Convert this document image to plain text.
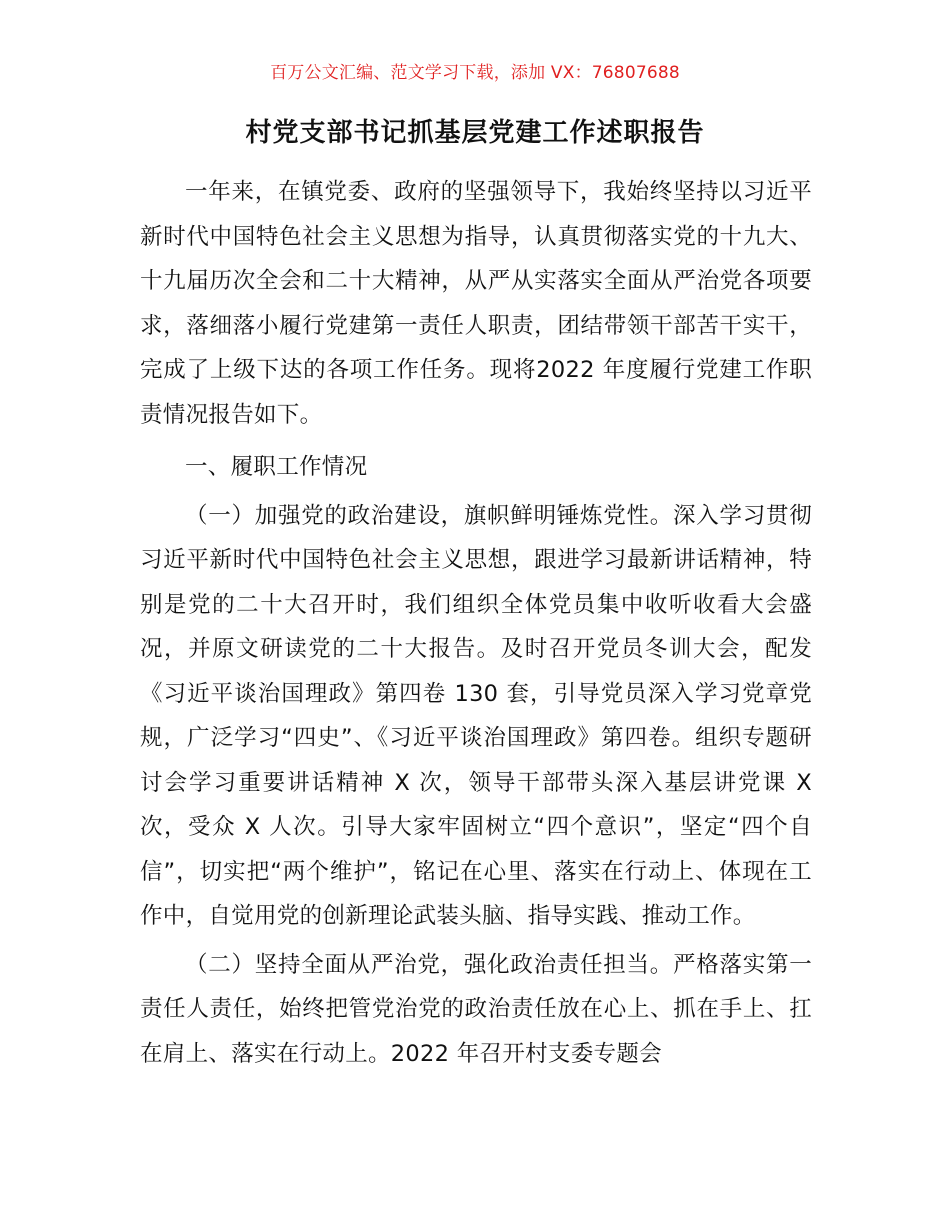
百万公文汇编、范文学习下载，添加 VX：76807688
村党支部书记抓基层党建工作述职报告

一年来，在镇党委、政府的坚强领导下，我始终坚持以习近平新时代中国特色社会主义思想为指导，认真贯彻落实党的十九大、十九届历次全会和二十大精神，从严从实落实全面从严治党各项要求，落细落小履行党建第一责任人职责，团结带领干部苦干实干，完成了上级下达的各项工作任务。现将2022 年度履行党建工作职责情况报告如下。

一、履职工作情况

（一）加强党的政治建设，旗帜鲜明锤炼党性。深入学习贯彻习近平新时代中国特色社会主义思想，跟进学习最新讲话精神，特别是党的二十大召开时，我们组织全体党员集中收听收看大会盛况，并原文研读党的二十大报告。及时召开党员冬训大会，配发《习近平谈治国理政》第四卷 130 套，引导党员深入学习党章党规，广泛学习“四史”、《习近平谈治国理政》第四卷。组织专题研讨会学习重要讲话精神 X 次，领导干部带头深入基层讲党课 X 次，受众 X 人次。引导大家牢固树立“四个意识”，坚定“四个自信”，切实把“两个维护”，铭记在心里、落实在行动上、体现在工作中，自觉用党的创新理论武装头脑、指导实践、推动工作。

（二）坚持全面从严治党，强化政治责任担当。严格落实第一责任人责任，始终把管党治党的政治责任放在心上、抓在手上、扛在肩上、落实在行动上。2022 年召开村支委专题会
